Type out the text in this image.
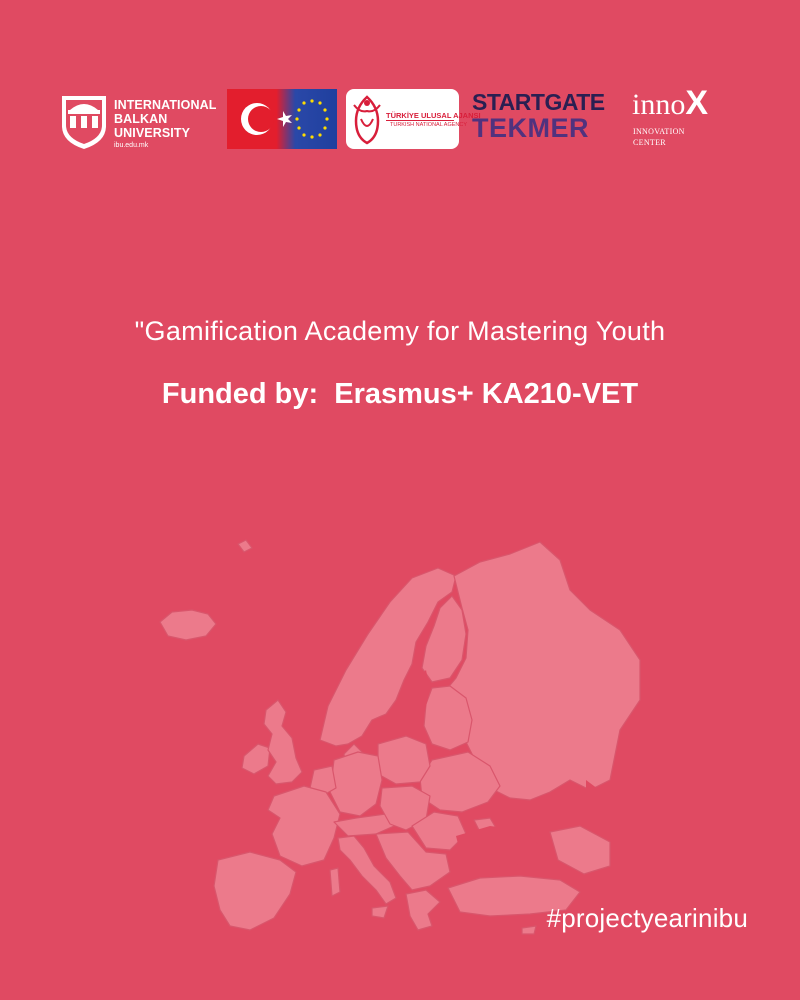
INTERNATIONAL
BALKAN
UNIVERSITY
ibu.edu.mk
TÜRKİYE ULUSAL AJANSI
TURKISH NATIONAL AGENCY
STARTGATE
TEKMER
innoX
INNOVATION
CENTER
"Gamification Academy for Mastering Youth
Funded by:  Erasmus+ KA210-VET
#projectyearinibu
